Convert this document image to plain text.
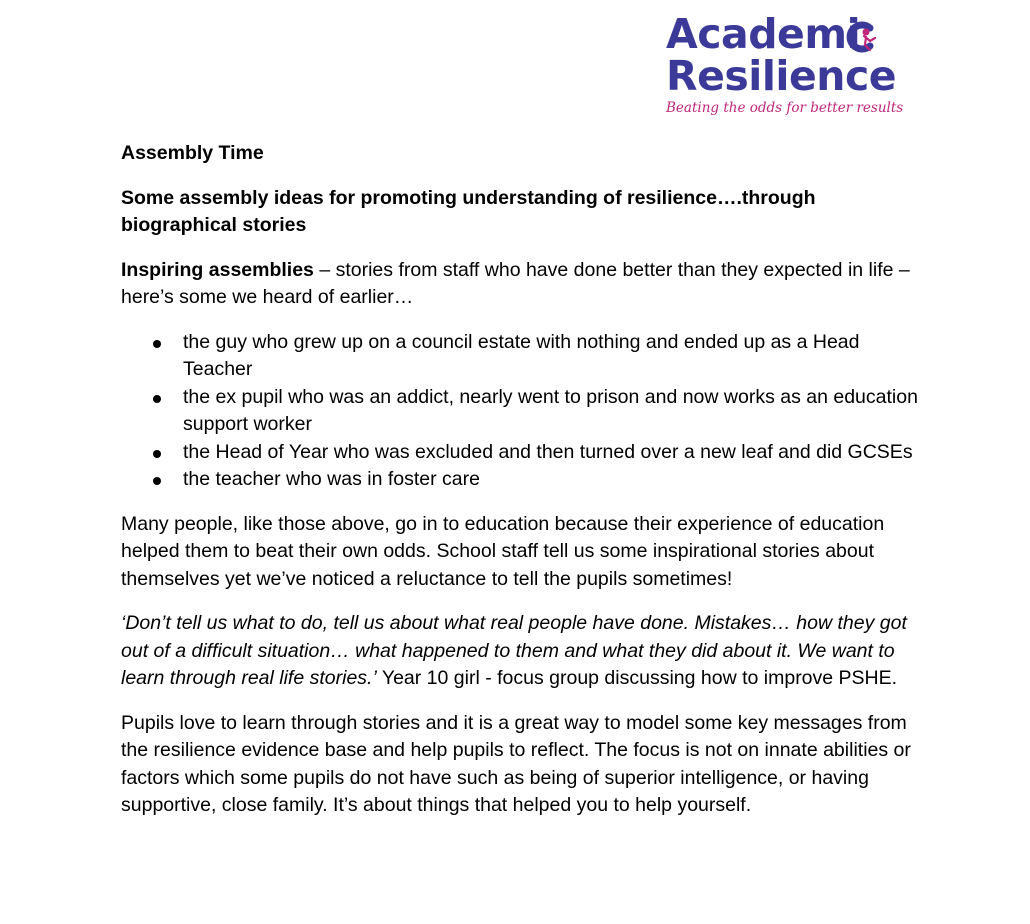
Academi
Resilience
Beating the odds for better results

Assembly Time

Some assembly ideas for promoting understanding of resilience….through biographical stories

Inspiring assemblies – stories from staff who have done better than they expected in life – here’s some we heard of earlier…

the guy who grew up on a council estate with nothing and ended up as a Head Teacher
the ex pupil who was an addict, nearly went to prison and now works as an education support worker
the Head of Year who was excluded and then turned over a new leaf and did GCSEs
the teacher who was in foster care

Many people, like those above, go in to education because their experience of education helped them to beat their own odds. School staff tell us some inspirational stories about themselves yet we’ve noticed a reluctance to tell the pupils sometimes!

‘Don’t tell us what to do, tell us about what real people have done. Mistakes… how they got out of a difficult situation… what happened to them and what they did about it. We want to learn through real life stories.’ Year 10 girl - focus group discussing how to improve PSHE.

Pupils love to learn through stories and it is a great way to model some key messages from the resilience evidence base and help pupils to reflect. The focus is not on innate abilities or factors which some pupils do not have such as being of superior intelligence, or having supportive, close family. It’s about things that helped you to help yourself.
